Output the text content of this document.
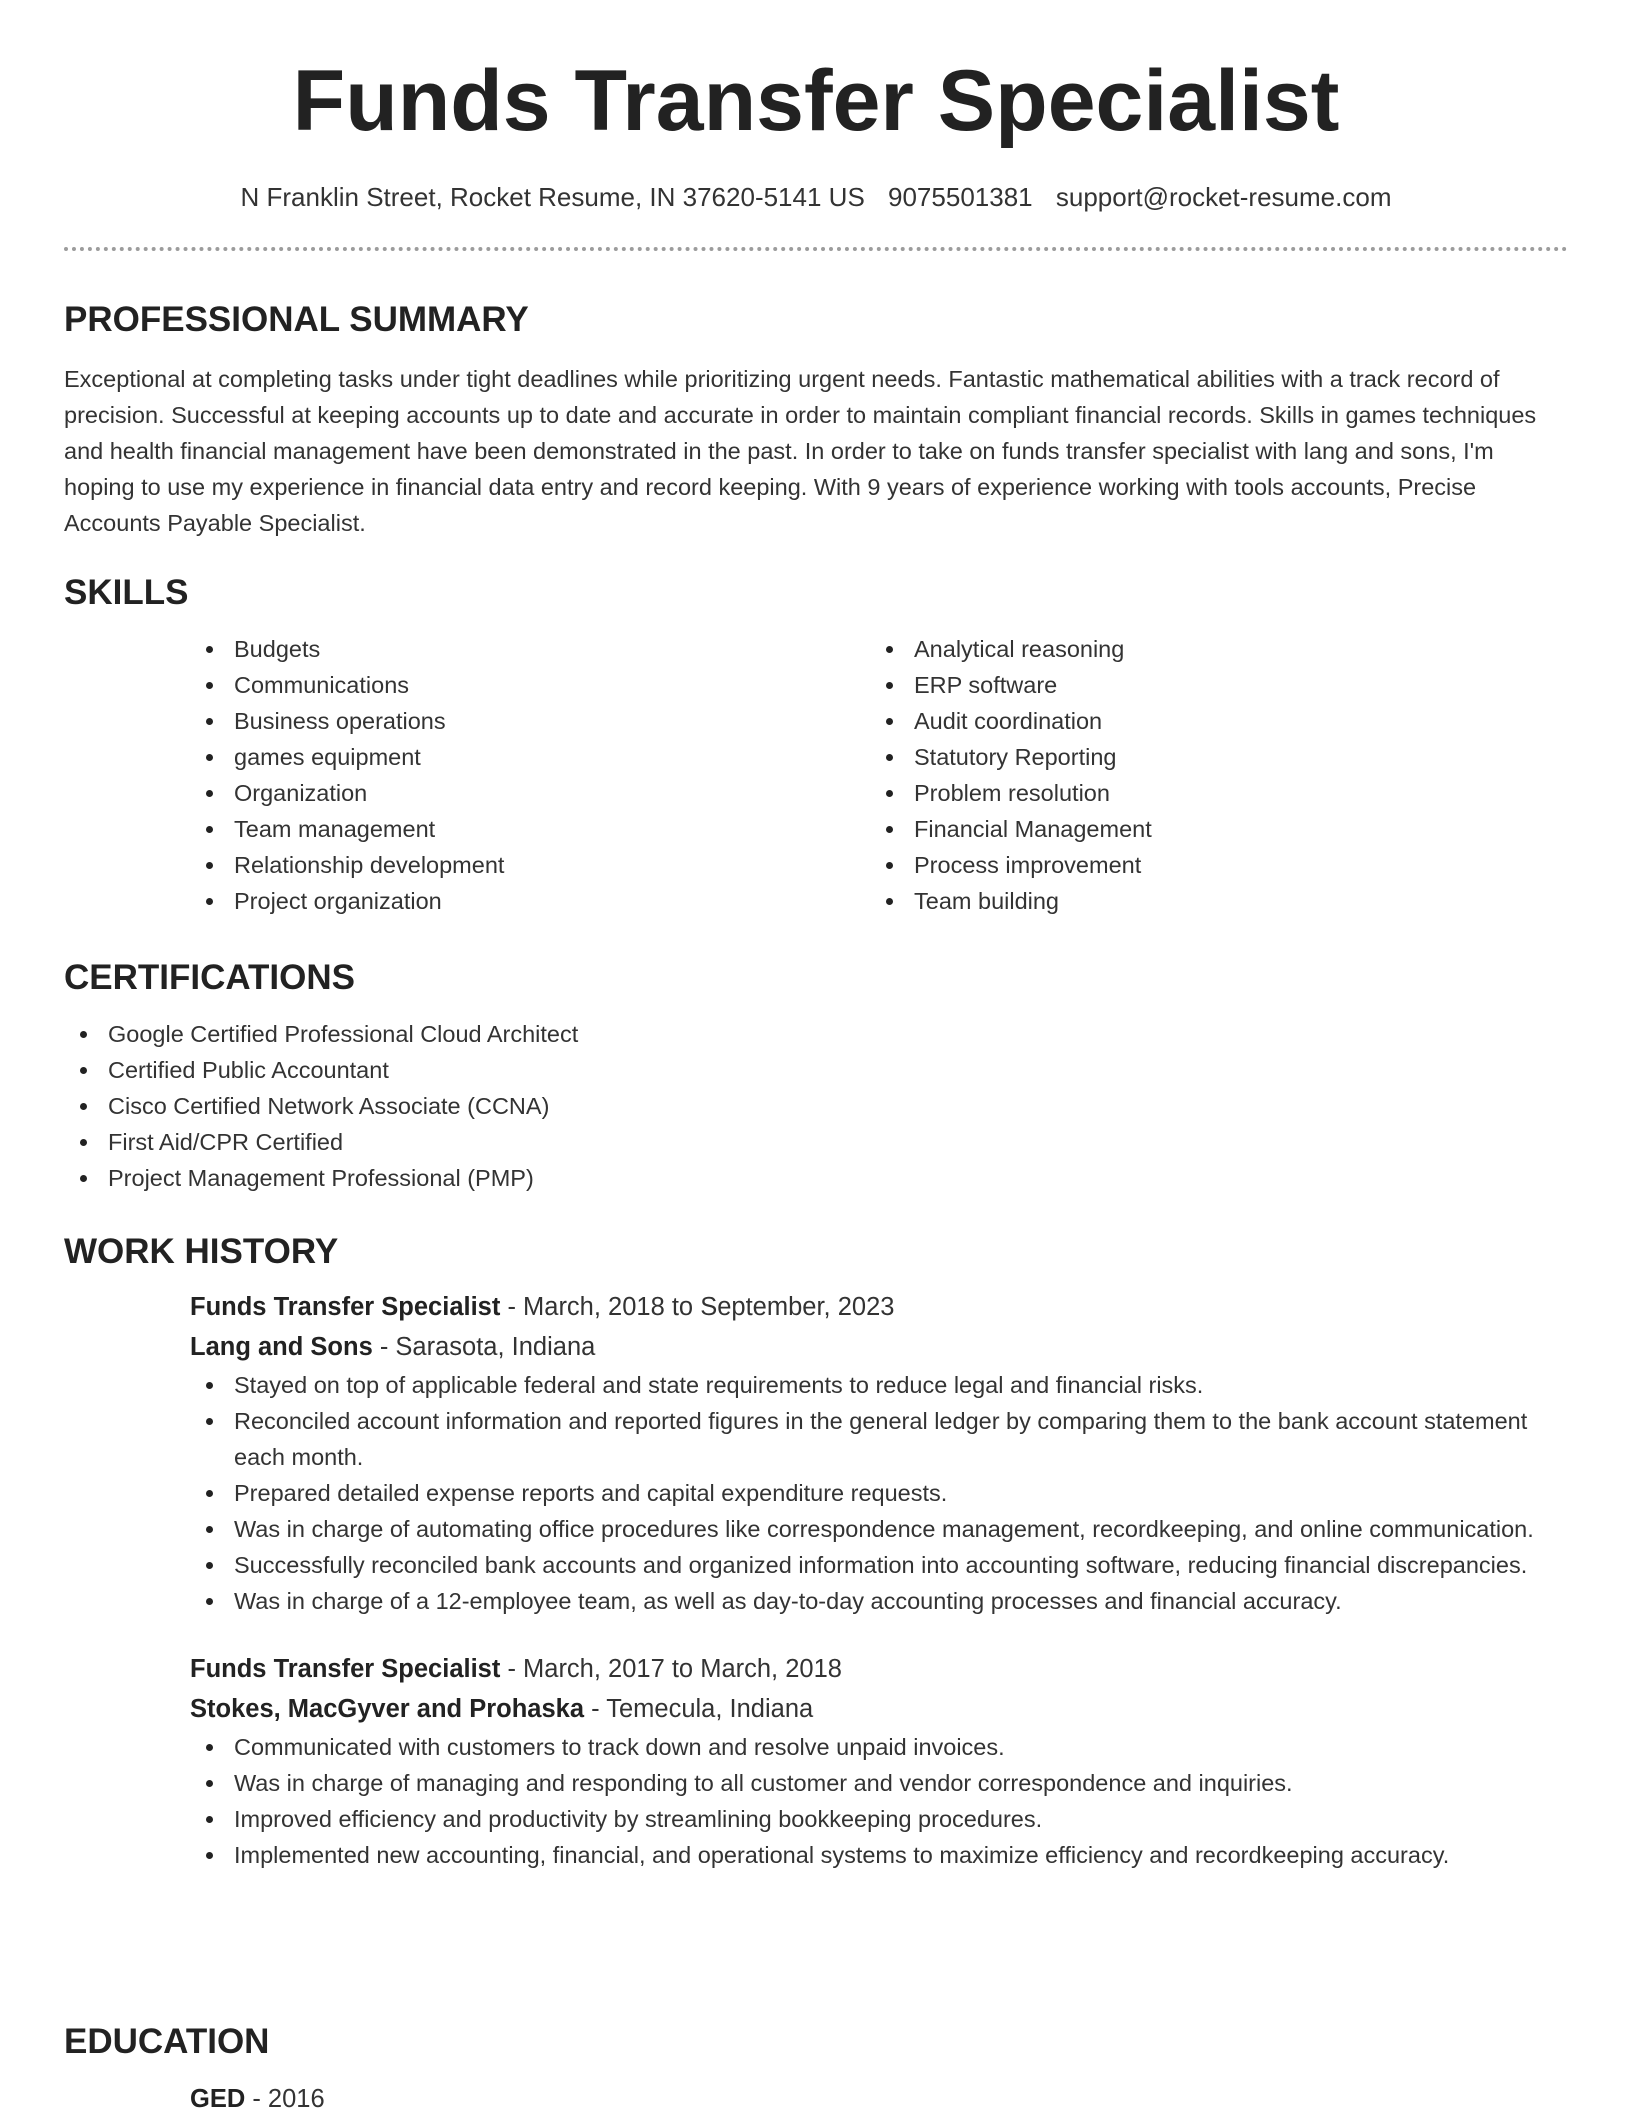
Funds Transfer Specialist
N Franklin Street, Rocket Resume, IN 37620-5141 US 9075501381 support@rocket-resume.com
PROFESSIONAL SUMMARY

Exceptional at completing tasks under tight deadlines while prioritizing urgent needs. Fantastic mathematical abilities with a track record of precision. Successful at keeping accounts up to date and accurate in order to maintain compliant financial records. Skills in games techniques and health financial management have been demonstrated in the past. In order to take on funds transfer specialist with lang and sons, I'm hoping to use my experience in financial data entry and record keeping. With 9 years of experience working with tools accounts, Precise Accounts Payable Specialist.

SKILLS
Budgets
Communications
Business operations
games equipment
Organization
Team management
Relationship development
Project organization
Analytical reasoning
ERP software
Audit coordination
Statutory Reporting
Problem resolution
Financial Management
Process improvement
Team building
CERTIFICATIONS
Google Certified Professional Cloud Architect
Certified Public Accountant
Cisco Certified Network Associate (CCNA)
First Aid/CPR Certified
Project Management Professional (PMP)
WORK HISTORY
Funds Transfer Specialist - March, 2018 to September, 2023
Lang and Sons - Sarasota, Indiana
Stayed on top of applicable federal and state requirements to reduce legal and financial risks.
Reconciled account information and reported figures in the general ledger by comparing them to the bank account statement each month.
Prepared detailed expense reports and capital expenditure requests.
Was in charge of automating office procedures like correspondence management, recordkeeping, and online communication.
Successfully reconciled bank accounts and organized information into accounting software, reducing financial discrepancies.
Was in charge of a 12-employee team, as well as day-to-day accounting processes and financial accuracy.
Funds Transfer Specialist - March, 2017 to March, 2018
Stokes, MacGyver and Prohaska - Temecula, Indiana
Communicated with customers to track down and resolve unpaid invoices.
Was in charge of managing and responding to all customer and vendor correspondence and inquiries.
Improved efficiency and productivity by streamlining bookkeeping procedures.
Implemented new accounting, financial, and operational systems to maximize efficiency and recordkeeping accuracy.
EDUCATION
GED - 2016
